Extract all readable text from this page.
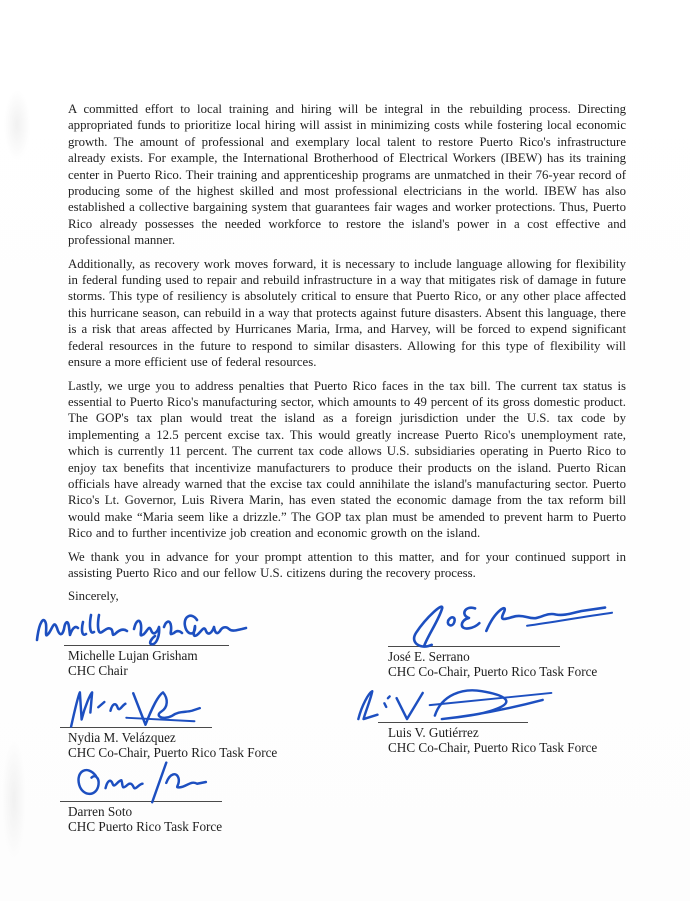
A committed effort to local training and hiring will be integral in the rebuilding process. Directing appropriated funds to prioritize local hiring will assist in minimizing costs while fostering local economic growth. The amount of professional and exemplary local talent to restore Puerto Rico's infrastructure already exists. For example, the International Brotherhood of Electrical Workers (IBEW) has its training center in Puerto Rico. Their training and apprenticeship programs are unmatched in their 76-year record of producing some of the highest skilled and most professional electricians in the world. IBEW has also established a collective bargaining system that guarantees fair wages and worker protections. Thus, Puerto Rico already possesses the needed workforce to restore the island's power in a cost effective and professional manner.

Additionally, as recovery work moves forward, it is necessary to include language allowing for flexibility in federal funding used to repair and rebuild infrastructure in a way that mitigates risk of damage in future storms. This type of resiliency is absolutely critical to ensure that Puerto Rico, or any other place affected this hurricane season, can rebuild in a way that protects against future disasters. Absent this language, there is a risk that areas affected by Hurricanes Maria, Irma, and Harvey, will be forced to expend significant federal resources in the future to respond to similar disasters. Allowing for this type of flexibility will ensure a more efficient use of federal resources.

Lastly, we urge you to address penalties that Puerto Rico faces in the tax bill. The current tax status is essential to Puerto Rico's manufacturing sector, which amounts to 49 percent of its gross domestic product. The GOP's tax plan would treat the island as a foreign jurisdiction under the U.S. tax code by implementing a 12.5 percent excise tax. This would greatly increase Puerto Rico's unemployment rate, which is currently 11 percent. The current tax code allows U.S. subsidiaries operating in Puerto Rico to enjoy tax benefits that incentivize manufacturers to produce their products on the island. Puerto Rican officials have already warned that the excise tax could annihilate the island's manufacturing sector. Puerto Rico's Lt. Governor, Luis Rivera Marin, has even stated the economic damage from the tax reform bill would make “Maria seem like a drizzle.” The GOP tax plan must be amended to prevent harm to Puerto Rico and to further incentivize job creation and economic growth on the island.

We thank you in advance for your prompt attention to this matter, and for your continued support in assisting Puerto Rico and our fellow U.S. citizens during the recovery process.

Sincerely,

Michelle Lujan Grisham
CHC Chair
José E. Serrano
CHC Co-Chair, Puerto Rico Task Force
Nydia M. Velázquez
CHC Co-Chair, Puerto Rico Task Force
Luis V. Gutiérrez
CHC Co-Chair, Puerto Rico Task Force
Darren Soto
CHC Puerto Rico Task Force
